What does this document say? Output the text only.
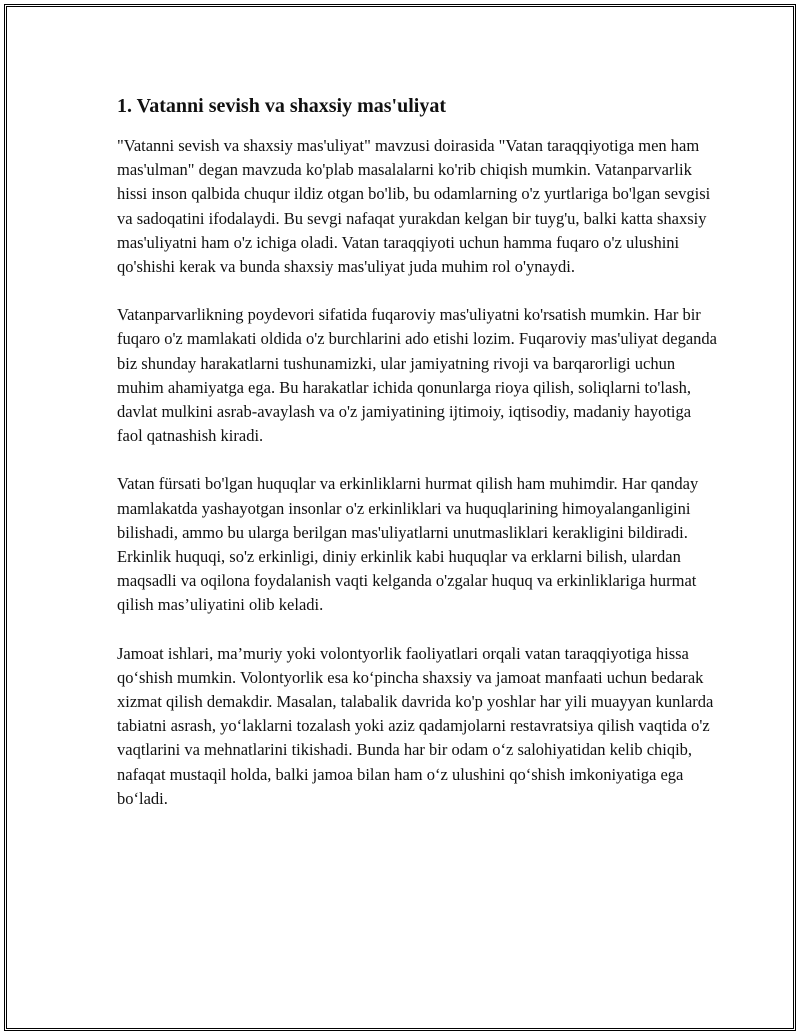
1. Vatanni sevish va shaxsiy mas'uliyat

"Vatanni sevish va shaxsiy mas'uliyat" mavzusi doirasida "Vatan taraqqiyotiga men ham mas'ulman" degan mavzuda ko'plab masalalarni ko'rib chiqish mumkin. Vatanparvarlik hissi inson qalbida chuqur ildiz otgan bo'lib, bu odamlarning o'z yurtlariga bo'lgan sevgisi va sadoqatini ifodalaydi. Bu sevgi nafaqat yurakdan kelgan bir tuyg'u, balki katta shaxsiy mas'uliyatni ham o'z ichiga oladi. Vatan taraqqiyoti uchun hamma fuqaro o'z ulushini qo'shishi kerak va bunda shaxsiy mas'uliyat juda muhim rol o'ynaydi.

Vatanparvarlikning poydevori sifatida fuqaroviy mas'uliyatni ko'rsatish mumkin. Har bir fuqaro o'z mamlakati oldida o'z burchlarini ado etishi lozim. Fuqaroviy mas'uliyat deganda biz shunday harakatlarni tushunamizki, ular jamiyatning rivoji va barqarorligi uchun muhim ahamiyatga ega. Bu harakatlar ichida qonunlarga rioya qilish, soliqlarni to'lash, davlat mulkini asrab-avaylash va o'z jamiyatining ijtimoiy, iqtisodiy, madaniy hayotiga faol qatnashish kiradi.

Vatan fürsati bo'lgan huquqlar va erkinliklarni hurmat qilish ham muhimdir. Har qanday mamlakatda yashayotgan insonlar o'z erkinliklari va huquqlarining himoyalanganligini bilishadi, ammo bu ularga berilgan mas'uliyatlarni unutmasliklari kerakligini bildiradi. Erkinlik huquqi, so'z erkinligi, diniy erkinlik kabi huquqlar va erklarni bilish, ulardan maqsadli va oqilona foydalanish vaqti kelganda o'zgalar huquq va erkinliklariga hurmat qilish mas’uliyatini olib keladi.

Jamoat ishlari, ma’muriy yoki volontyorlik faoliyatlari orqali vatan taraqqiyotiga hissa qo‘shish mumkin. Volontyorlik esa ko‘pincha shaxsiy va jamoat manfaati uchun bedarak xizmat qilish demakdir. Masalan, talabalik davrida ko'p yoshlar har yili muayyan kunlarda tabiatni asrash, yo‘laklarni tozalash yoki aziz qadamjolarni restavratsiya qilish vaqtida o'z vaqtlarini va mehnatlarini tikishadi. Bunda har bir odam o‘z salohiyatidan kelib chiqib, nafaqat mustaqil holda, balki jamoa bilan ham o‘z ulushini qo‘shish imkoniyatiga ega bo‘ladi.
